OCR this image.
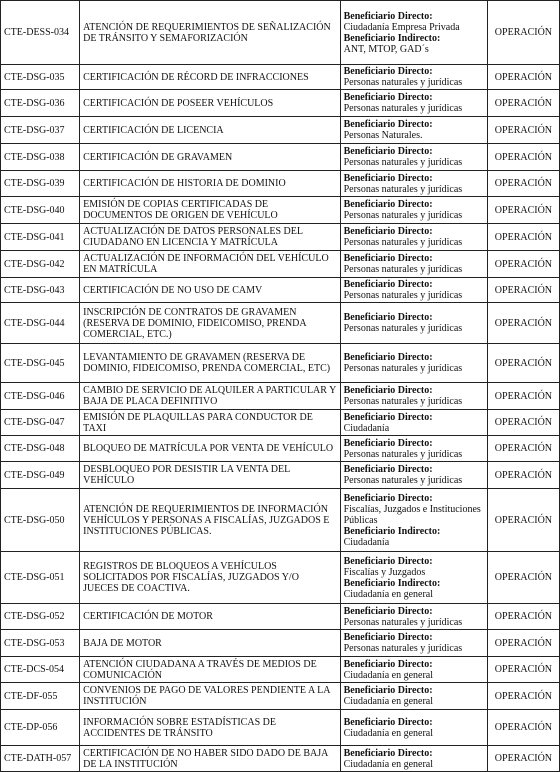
CTE-DESS-034	ATENCIÓN DE REQUERIMIENTOS DE SEÑALIZACIÓN DE TRÁNSITO Y SEMAFORIZACIÓN	Beneficiario Directo:
Ciudadanía Empresa Privada
Beneficiario Indirecto:
ANT, MTOP, GAD´s	OPERACIÓN
CTE-DSG-035	CERTIFICACIÓN DE RÉCORD DE INFRACCIONES	Beneficiario Directo:
Personas naturales y jurídicas	OPERACIÓN
CTE-DSG-036	CERTIFICACIÓN DE POSEER VEHÍCULOS	Beneficiario Directo:
Personas naturales y jurídicas	OPERACIÓN
CTE-DSG-037	CERTIFICACIÓN DE LICENCIA	Beneficiario Directo:
Personas Naturales.	OPERACIÓN
CTE-DSG-038	CERTIFICACIÓN DE GRAVAMEN	Beneficiario Directo:
Personas naturales y jurídicas	OPERACIÓN
CTE-DSG-039	CERTIFICACIÓN DE HISTORIA DE DOMINIO	Beneficiario Directo:
Personas naturales y jurídicas	OPERACIÓN
CTE-DSG-040	EMISIÓN DE COPIAS CERTIFICADAS DE DOCUMENTOS DE ORIGEN DE VEHÍCULO	Beneficiario Directo:
Personas naturales y jurídicas	OPERACIÓN
CTE-DSG-041	ACTUALIZACIÓN DE DATOS PERSONALES DEL CIUDADANO EN LICENCIA Y MATRÍCULA	Beneficiario Directo:
Personas naturales y jurídicas	OPERACIÓN
CTE-DSG-042	ACTUALIZACIÓN DE INFORMACIÓN DEL VEHÍCULO EN MATRÍCULA	Beneficiario Directo:
Personas naturales y jurídicas	OPERACIÓN
CTE-DSG-043	CERTIFICACIÓN DE NO USO DE CAMV	Beneficiario Directo:
Personas naturales y jurídicas	OPERACIÓN
CTE-DSG-044	INSCRIPCIÓN DE CONTRATOS DE GRAVAMEN (RESERVA DE DOMINIO, FIDEICOMISO, PRENDA COMERCIAL, ETC.)	Beneficiario Directo:
Personas naturales y jurídicas	OPERACIÓN
CTE-DSG-045	LEVANTAMIENTO DE GRAVAMEN (RESERVA DE DOMINIO, FIDEICOMISO, PRENDA COMERCIAL, ETC)	Beneficiario Directo:
Personas naturales y jurídicas	OPERACIÓN
CTE-DSG-046	CAMBIO DE SERVICIO DE ALQUILER A PARTICULAR Y BAJA DE PLACA DEFINITIVO	Beneficiario Directo:
Personas naturales y jurídicas	OPERACIÓN
CTE-DSG-047	EMISIÓN DE PLAQUILLAS PARA CONDUCTOR DE TAXI	Beneficiario Directo:
Ciudadanía	OPERACIÓN
CTE-DSG-048	BLOQUEO DE MATRÍCULA POR VENTA DE VEHÍCULO	Beneficiario Directo:
Personas naturales y jurídicas	OPERACIÓN
CTE-DSG-049	DESBLOQUEO POR DESISTIR LA VENTA DEL VEHÍCULO	Beneficiario Directo:
Personas naturales y jurídicas	OPERACIÓN
CTE-DSG-050	ATENCIÓN DE REQUERIMIENTOS DE INFORMACIÓN VEHÍCULOS Y PERSONAS A FISCALÍAS, JUZGADOS E INSTITUCIONES PÚBLICAS.	Beneficiario Directo:
Fiscalías, Juzgados e Instituciones Públicas
Beneficiario Indirecto:
Ciudadanía	OPERACIÓN
CTE-DSG-051	REGISTROS DE BLOQUEOS A VEHÍCULOS SOLICITADOS POR FISCALÍAS, JUZGADOS Y/O JUECES DE COACTIVA.	Beneficiario Directo:
Fiscalías y Juzgados
Beneficiario Indirecto:
Ciudadanía en general	OPERACIÓN
CTE-DSG-052	CERTIFICACIÓN DE MOTOR	Beneficiario Directo:
Personas naturales y jurídicas	OPERACIÓN
CTE-DSG-053	BAJA DE MOTOR	Beneficiario Directo:
Personas naturales y jurídicas	OPERACIÓN
CTE-DCS-054	ATENCIÓN CIUDADANA A TRAVÉS DE MEDIOS DE COMUNICACIÓN	Beneficiario Directo:
Ciudadanía en general	OPERACIÓN
CTE-DF-055	CONVENIOS DE PAGO DE VALORES PENDIENTE A LA INSTITUCIÓN	Beneficiario Directo:
Ciudadanía en general	OPERACIÓN
CTE-DP-056	INFORMACIÓN SOBRE ESTADÍSTICAS DE ACCIDENTES DE TRÁNSITO	Beneficiario Directo:
Ciudadanía en general	OPERACIÓN
CTE-DATH-057	CERTIFICACIÓN DE NO HABER SIDO DADO DE BAJA DE LA INSTITUCIÓN	Beneficiario Directo:
Ciudadanía en general	OPERACIÓN
